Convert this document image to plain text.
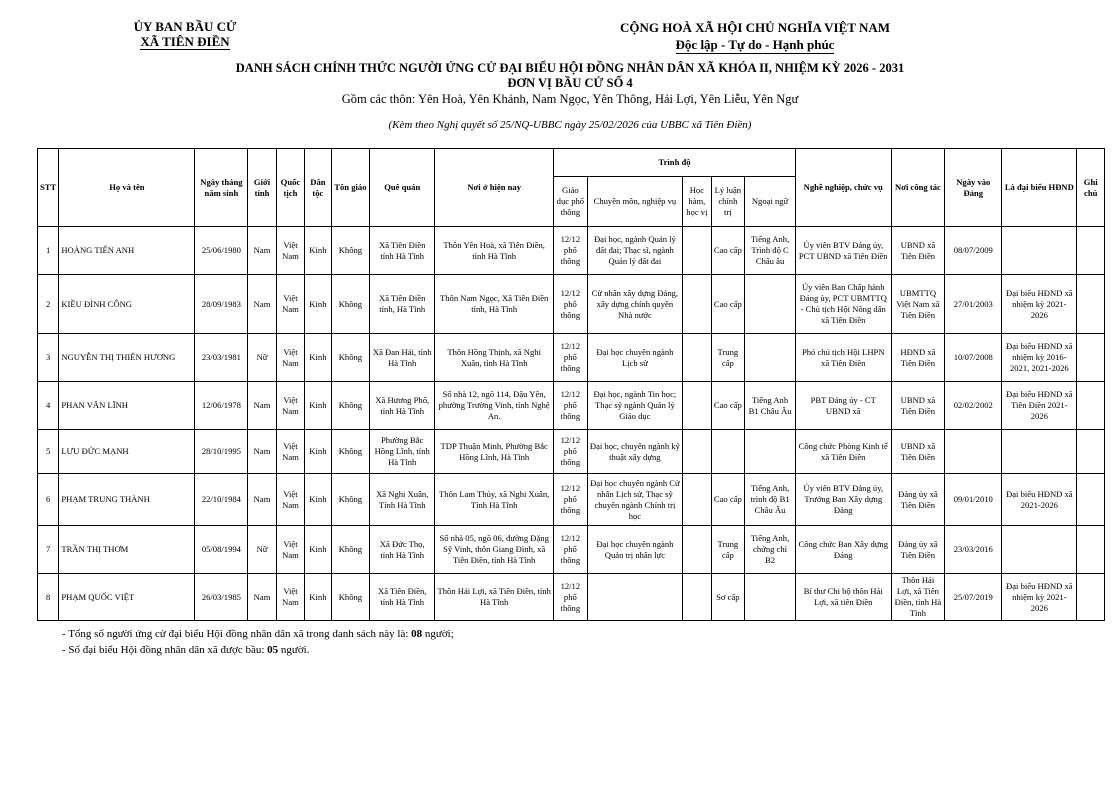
ỦY BAN BẦU CỬ
XÃ TIÊN ĐIỀN
CỘNG HOÀ XÃ HỘI CHỦ NGHĨA VIỆT NAM
Độc lập - Tự do - Hạnh phúc
DANH SÁCH CHÍNH THỨC NGƯỜI ỨNG CỬ ĐẠI BIỂU HỘI ĐỒNG NHÂN DÂN XÃ KHÓA II, NHIỆM KỲ 2026 - 2031
ĐƠN VỊ BẦU CỬ SỐ 4
Gồm các thôn: Yên Hoà, Yên Khánh, Nam Ngọc, Yên Thông, Hải Lợi, Yên Liễu, Yên Ngư
(Kèm theo Nghị quyết số 25/NQ-UBBC ngày 25/02/2026 của UBBC xã Tiên Điền)
STT	Họ và tên	Ngày tháng năm sinh	Giới tính	Quốc tịch	Dân tộc	Tôn giáo	Quê quán	Nơi ở hiện nay	Trình độ					Nghề nghiệp, chức vụ	Nơi công tác	Ngày vào Đảng	Là đại biểu HĐND	Ghi chú
									Giáo dục phổ thông	Chuyên môn, nghiệp vụ	Học hàm, học vị	Lý luận chính trị	Ngoại ngữ					
1	HOÀNG TIẾN ANH	25/06/1980	Nam	Việt Nam	Kinh	Không	Xã Tiên Điền tỉnh Hà Tĩnh	Thôn Yên Hoà, xã Tiên Điền, tỉnh Hà Tĩnh	12/12 phổ thông	Đại học, ngành Quản lý đất đai; Thạc sĩ, ngành Quản lý đất đai		Cao cấp	Tiếng Anh, Trình độ C Châu âu	Ủy viên BTV Đảng ủy, PCT UBND xã Tiên Điền	UBND xã Tiên Điền	08/07/2009		
2	KIỀU ĐÌNH CÔNG	28/09/1983	Nam	Việt Nam	Kinh	Không	Xã Tiên Điền tỉnh, Hà Tĩnh	Thôn Nam Ngọc, Xã Tiên Điền tỉnh, Hà Tĩnh	12/12 phổ thông	Cử nhân xây dựng Đảng, xây dựng chính quyền Nhà nước		Cao cấp		Ủy viên Ban Chấp hành Đảng ủy, PCT UBMTTQ - Chủ tịch Hội Nông dân xã Tiên Điền	UBMTTQ Việt Nam xã Tiên Điền	27/01/2003	Đại biểu HĐND xã nhiệm kỳ 2021-2026	
3	NGUYỄN THỊ THIÊN HƯƠNG	23/03/1981	Nữ	Việt Nam	Kinh	Không	Xã Đan Hải, tỉnh Hà Tĩnh	Thôn Hồng Thịnh, xã Nghi Xuân, tỉnh Hà Tĩnh	12/12 phổ thông	Đại học chuyên ngành Lịch sử		Trung cấp		Phó chủ tịch Hội LHPN xã Tiên Điền	HĐND xã Tiên Điền	10/07/2008	Đại biểu HĐND xã nhiệm kỳ 2016-2021, 2021-2026	
4	PHAN VĂN LĨNH	12/06/1978	Nam	Việt Nam	Kinh	Không	Xã Hương Phố, tỉnh Hà Tĩnh	Số nhà 12, ngõ 114, Đậu Yên, phường Trường Vinh, tỉnh Nghệ An.	12/12 phổ thông	Đại học, ngành Tin học; Thạc sỹ ngành Quản lý Giáo dục		Cao cấp	Tiếng Anh B1 Châu Âu	PBT Đảng ủy - CT UBND xã	UBND xã Tiên Điền	02/02/2002	Đại biểu HĐND xã Tiên Điền 2021-2026	
5	LƯU ĐỨC MẠNH	28/10/1995	Nam	Việt Nam	Kinh	Không	Phường Bắc Hồng Lĩnh, tỉnh Hà Tĩnh	TDP Thuận Minh, Phường Bắc Hồng Lĩnh, Hà Tĩnh	12/12 phổ thông	Đại học, chuyên ngành kỹ thuật xây dựng				Công chức Phòng Kinh tế xã Tiên Điền	UBND xã Tiên Điền			
6	PHẠM TRUNG THÀNH	22/10/1984	Nam	Việt Nam	Kinh	Không	Xã Nghi Xuân, Tỉnh Hà Tĩnh	Thôn Lam Thủy, xã Nghi Xuân, Tỉnh Hà Tĩnh	12/12 phổ thông	Đại học chuyên ngành Cử nhân Lịch sử, Thạc sỹ chuyên ngành Chính trị học		Cao cấp	Tiếng Anh, trình độ B1 Châu Âu	Ủy viên BTV Đảng ủy, Trưởng Ban Xây dựng Đảng	Đảng ủy xã Tiên Điền	09/01/2010	Đại biểu HĐND xã 2021-2026	
7	TRẦN THỊ THƠM	05/08/1994	Nữ	Việt Nam	Kinh	Không	Xã Đức Thọ, tỉnh Hà Tĩnh	Số nhà 05, ngõ 06, đường Đặng Sỹ Vinh, thôn Giang Đình, xã Tiên Điền, tỉnh Hà Tĩnh	12/12 phổ thông	Đại học chuyên ngành Quản trị nhân lực		Trung cấp	Tiếng Anh, chứng chỉ B2	Công chức Ban Xây dựng Đảng	Đảng ủy xã Tiên Điền	23/03/2016		
8	PHẠM QUỐC VIỆT	26/03/1985	Nam	Việt Nam	Kinh	Không	Xã Tiên Điền, tỉnh Hà Tĩnh	Thôn Hải Lợi, xã Tiên Điền, tỉnh Hà Tĩnh	12/12 phổ thông			Sơ cấp		Bí thư Chi bộ thôn Hải Lợi, xã tiên Điền	Thôn Hải Lợi, xã Tiên Điền, tỉnh Hà Tĩnh	25/07/2019	Đại biểu HĐND xã nhiệm kỳ 2021-2026	
- Tổng số người ứng cử đại biểu Hội đồng nhân dân xã trong danh sách này là: 08 người;
- Số đại biểu Hội đồng nhân dân xã được bầu: 05 người.
